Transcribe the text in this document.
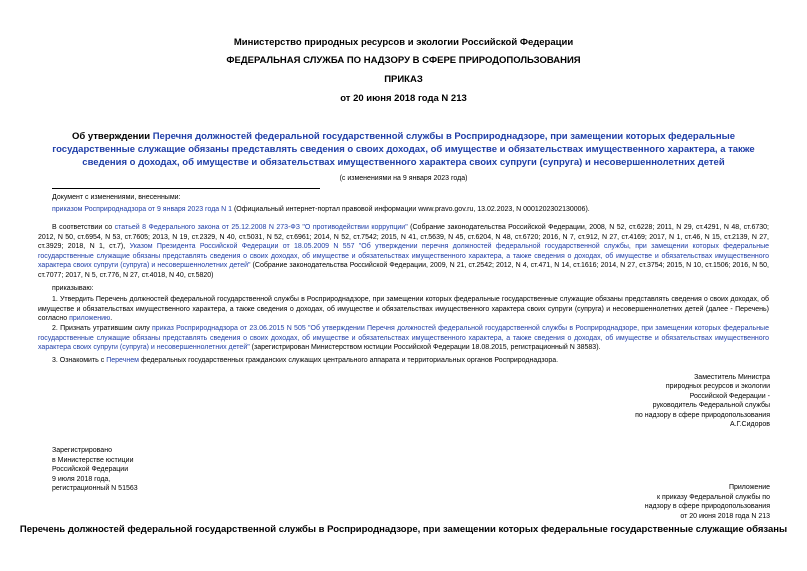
Министерство природных ресурсов и экологии Российской Федерации
ФЕДЕРАЛЬНАЯ СЛУЖБА ПО НАДЗОРУ В СФЕРЕ ПРИРОДОПОЛЬЗОВАНИЯ
ПРИКАЗ
от 20 июня 2018 года N 213
Об утверждении Перечня должностей федеральной государственной службы в Росприроднадзоре, при замещении которых федеральные государственные служащие обязаны представлять сведения о своих доходах, об имуществе и обязательствах имущественного характера, а также сведения о доходах, об имуществе и обязательствах имущественного характера своих супруги (супруга) и несовершеннолетних детей
(с изменениями на 9 января 2023 года)
Документ с изменениями, внесенными:
приказом Росприроднадзора от 9 января 2023 года N 1 (Официальный интернет-портал правовой информации www.pravo.gov.ru, 13.02.2023, N 0001202302130006).
В соответствии со статьей 8 Федерального закона от 25.12.2008 N 273-ФЗ "О противодействии коррупции" (Собрание законодательства Российской Федерации, 2008, N 52, ст.6228; 2011, N 29, ст.4291, N 48, ст.6730; 2012, N 50, ст.6954, N 53, ст.7605; 2013, N 19, ст.2329, N 40, ст.5031, N 52, ст.6961; 2014, N 52, ст.7542; 2015, N 41, ст.5639, N 45, ст.6204, N 48, ст.6720; 2016, N 7, ст.912, N 27, ст.4169; 2017, N 1, ст.46, N 15, ст.2139, N 27, ст.3929; 2018, N 1, ст.7), Указом Президента Российской Федерации от 18.05.2009 N 557 "Об утверждении перечня должностей федеральной государственной службы, при замещении которых федеральные государственные служащие обязаны представлять сведения о своих доходах, об имуществе и обязательствах имущественного характера, а также сведения о доходах, об имуществе и обязательствах имущественного характера своих супруги (супруга) и несовершеннолетних детей" (Собрание законодательства Российской Федерации, 2009, N 21, ст.2542; 2012, N 4, ст.471, N 14, ст.1616; 2014, N 27, ст.3754; 2015, N 10, ст.1506; 2016, N 50, ст.7077; 2017, N 5, ст.776, N 27, ст.4018, N 40, ст.5820)
приказываю:
1. Утвердить Перечень должностей федеральной государственной службы в Росприроднадзоре, при замещении которых федеральные государственные служащие обязаны представлять сведения о своих доходах, об имуществе и обязательствах имущественного характера, а также сведения о доходах, об имуществе и обязательствах имущественного характера своих супруги (супруга) и несовершеннолетних детей (далее - Перечень) согласно приложению.
2. Признать утратившим силу приказ Росприроднадзора от 23.06.2015 N 505 "Об утверждении Перечня должностей федеральной государственной службы в Росприроднадзоре, при замещении которых федеральные государственные служащие обязаны представлять сведения о своих доходах, об имуществе и обязательствах имущественного характера, а также сведения о доходах, об имуществе и обязательствах имущественного характера своих супруги (супруга) и несовершеннолетних детей" (зарегистрирован Министерством юстиции Российской Федерации 18.08.2015, регистрационный N 38583).
3. Ознакомить с Перечнем федеральных государственных гражданских служащих центрального аппарата и территориальных органов Росприроднадзора.
Заместитель Министра
природных ресурсов и экологии
Российской Федерации -
руководитель Федеральной службы
по надзору в сфере природопользования
А.Г.Сидоров
Зарегистрировано
в Министерстве юстиции
Российской Федерации
9 июля 2018 года,
регистрационный N 51563	Приложение
к приказу Федеральной службы по
надзору в сфере природопользования
от 20 июня 2018 года N 213
Перечень должностей федеральной государственной службы в Росприроднадзоре, при замещении которых федеральные государственные служащие обязаны
